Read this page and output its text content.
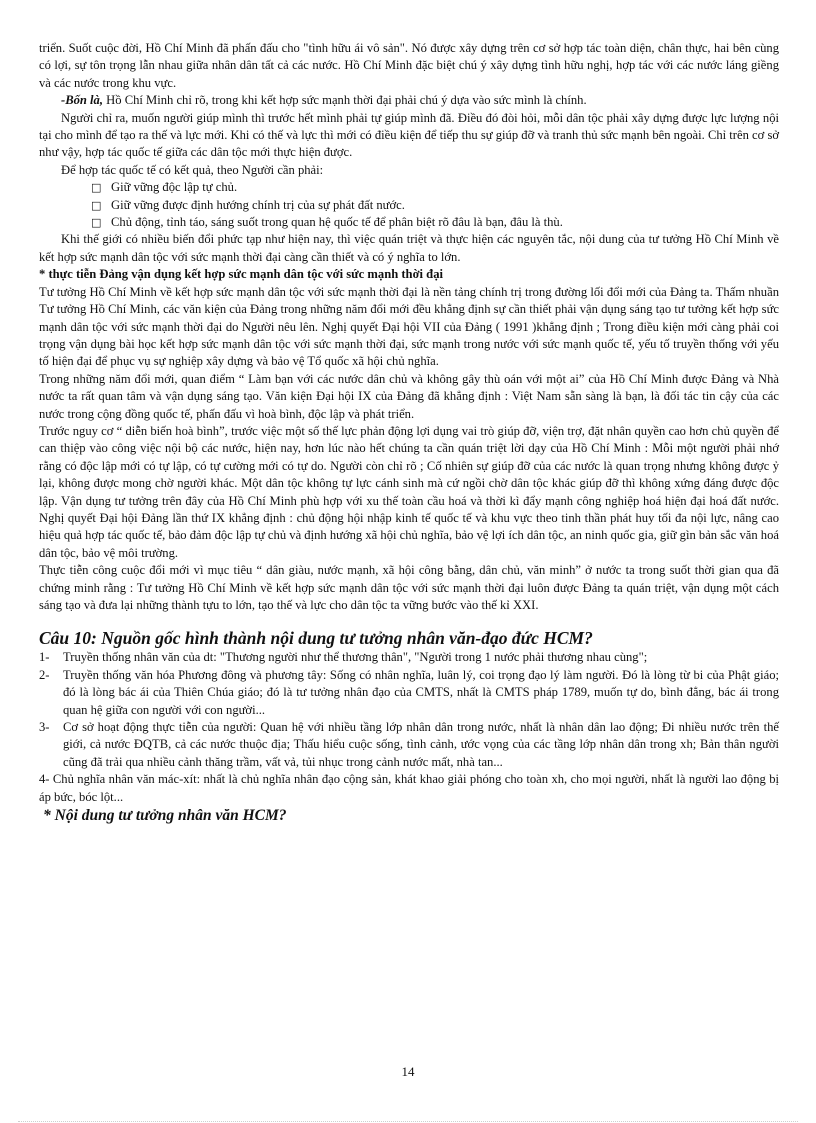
triển. Suốt cuộc đời, Hồ Chí Minh đã phấn đấu cho "tình hữu ái vô sản". Nó được xây dựng trên cơ sở hợp tác toàn diện, chân thực, hai bên cùng có lợi, sự tôn trọng lẫn nhau giữa nhân dân tất cả các nước. Hồ Chí Minh đặc biệt chú ý xây dựng tình hữu nghị, hợp tác với các nước láng giềng và các nước trong khu vực.

-Bốn là, Hồ Chí Minh chỉ rõ, trong khi kết hợp sức mạnh thời đại phải chú ý dựa vào sức mình là chính.

Người chỉ ra, muốn người giúp mình thì trước hết mình phải tự giúp mình đã. Điều đó đòi hỏi, mỗi dân tộc phải xây dựng được lực lượng nội tại cho mình để tạo ra thế và lực mới. Khi có thế và lực thì mới có điều kiện để tiếp thu sự giúp đỡ và tranh thủ sức mạnh bên ngoài. Chỉ trên cơ sở như vậy, hợp tác quốc tế giữa các dân tộc mới thực hiện được.

Để hợp tác quốc tế có kết quả, theo Người cần phải:

□ Giữ vững độc lập tự chủ.
□ Giữ vững được định hướng chính trị của sự phát đất nước.
□ Chủ động, tỉnh táo, sáng suốt trong quan hệ quốc tế để phân biệt rõ đâu là bạn, đâu là thù.

Khi thế giới có nhiều biến đổi phức tạp như hiện nay, thì việc quán triệt và thực hiện các nguyên tắc, nội dung của tư tưởng Hồ Chí Minh về kết hợp sức mạnh dân tộc với sức mạnh thời đại càng cần thiết và có ý nghĩa to lớn.

* thực tiễn Đảng vận dụng kết hợp sức mạnh dân tộc với sức mạnh thời đại

Tư tưởng Hồ Chí Minh về kết hợp sức mạnh dân tộc với sức mạnh thời đại là nền tảng chính trị trong đường lối đổi mới của Đảng ta. Thấm nhuần Tư tưởng Hồ Chí Minh, các văn kiện của Đảng trong những năm đổi mới đều khẳng định sự cần thiết phải vận dụng sáng tạo tư tưởng kết hợp sức mạnh dân tộc với sức mạnh thời đại do Người nêu lên. Nghị quyết Đại hội VII của Đảng ( 1991 )khẳng định ; Trong điều kiện mới càng phải coi trọng vận dụng bài học kết hợp sức mạnh dân tộc với sức mạnh thời đại, sức mạnh trong nước với sức mạnh quốc tế, yếu tố truyền thống với yếu tố hiện đại để phục vụ sự nghiệp xây dựng và bảo vệ Tổ quốc xã hội chủ nghĩa.

Trong những năm đổi mới, quan điểm “ Làm bạn với các nước dân chủ và không gây thù oán với một ai” của Hồ Chí Minh được Đảng và Nhà nước ta rất quan tâm và vận dụng sáng tạo. Văn kiện Đại hội IX của Đảng đã khẳng định : Việt Nam sẵn sàng là bạn, là đối tác tin cậy của các nước trong cộng đồng quốc tế, phấn đấu vì hoà bình, độc lập và phát triển.

Trước nguy cơ “ diễn biến hoà bình”, trước việc một số thế lực phản động lợi dụng vai trò giúp đỡ, viện trợ, đặt nhân quyền cao hơn chủ quyền để can thiệp vào công việc nội bộ các nước, hiện nay, hơn lúc nào hết chúng ta cần quán triệt lời dạy của Hồ Chí Minh : Mỗi một người phải nhớ rằng có độc lập mới có tự lập, có tự cường mới có tự do. Người còn chỉ rõ ; Cố nhiên sự giúp đỡ của các nước là quan trọng nhưng không được ỷ lại, không được mong chờ người khác. Một dân tộc không tự lực cánh sinh mà cứ ngồi chờ dân tộc khác giúp đỡ thì không xứng đáng được độc lập. Vận dụng tư tưởng trên đây của Hồ Chí Minh phù hợp với xu thế toàn cầu hoá và thời kì đẩy mạnh công nghiệp hoá hiện đại hoá đất nước. Nghị quyết Đại hội Đảng lần thứ IX khẳng định : chủ động hội nhập kinh tế quốc tế và khu vực theo tinh thần phát huy tối đa nội lực, nâng cao hiệu quả hợp tác quốc tế, bảo đảm độc lập tự chủ và định hướng xã hội chủ nghĩa, bảo vệ lợi ích dân tộc, an ninh quốc gia, giữ gìn bản sắc văn hoá dân tộc, bảo vệ môi trường.

Thực tiễn công cuộc đổi mới vì mục tiêu “ dân giàu, nước mạnh, xã hội công bằng, dân chủ, văn minh” ở nước ta trong suốt thời gian qua đã chứng minh rằng : Tư tưởng Hồ Chí Minh về kết hợp sức mạnh dân tộc với sức mạnh thời đại luôn được Đảng ta quán triệt, vận dụng một cách sáng tạo và đưa lại những thành tựu to lớn, tạo thế và lực cho dân tộc ta vững bước vào thế kỉ XXI.

Câu 10: Nguồn gốc hình thành nội dung tư tưởng nhân văn-đạo đức HCM?
1-	Truyền thống nhân văn của dt: "Thương người như thể thương thân", "Người trong 1 nước phải thương nhau cùng";
2-	Truyền thống văn hóa Phương đông và phương tây: Sống có nhân nghĩa, luân lý, coi trọng đạo lý làm người. Đó là lòng từ bi của Phật giáo; đó là lòng bác ái của Thiên Chúa giáo; đó là tư tưởng nhân đạo của CMTS, nhất là CMTS pháp 1789, muốn tự do, bình đẳng, bác ái trong quan hệ giữa con người với con người...
3-	Cơ sở hoạt động thực tiễn của người: Quan hệ với nhiều tầng lớp nhân dân trong nước, nhất là nhân dân lao động; Đi nhiều nước trên thế giới, cả nước ĐQTB, cả các nước thuộc địa; Thấu hiểu cuộc sống, tình cảnh, ước vọng của các tầng lớp nhân dân trong xh; Bản thân người cũng đã trải qua nhiều cảnh thăng trầm, vất vả, tủi nhục trong cảnh nước mất, nhà tan...

4- Chủ nghĩa nhân văn mác-xít: nhất là chủ nghĩa nhân đạo cộng sản, khát khao giải phóng cho toàn xh, cho mọi người, nhất là người lao động bị áp bức, bóc lột...

* Nội dung tư tưởng nhân văn HCM?
14
